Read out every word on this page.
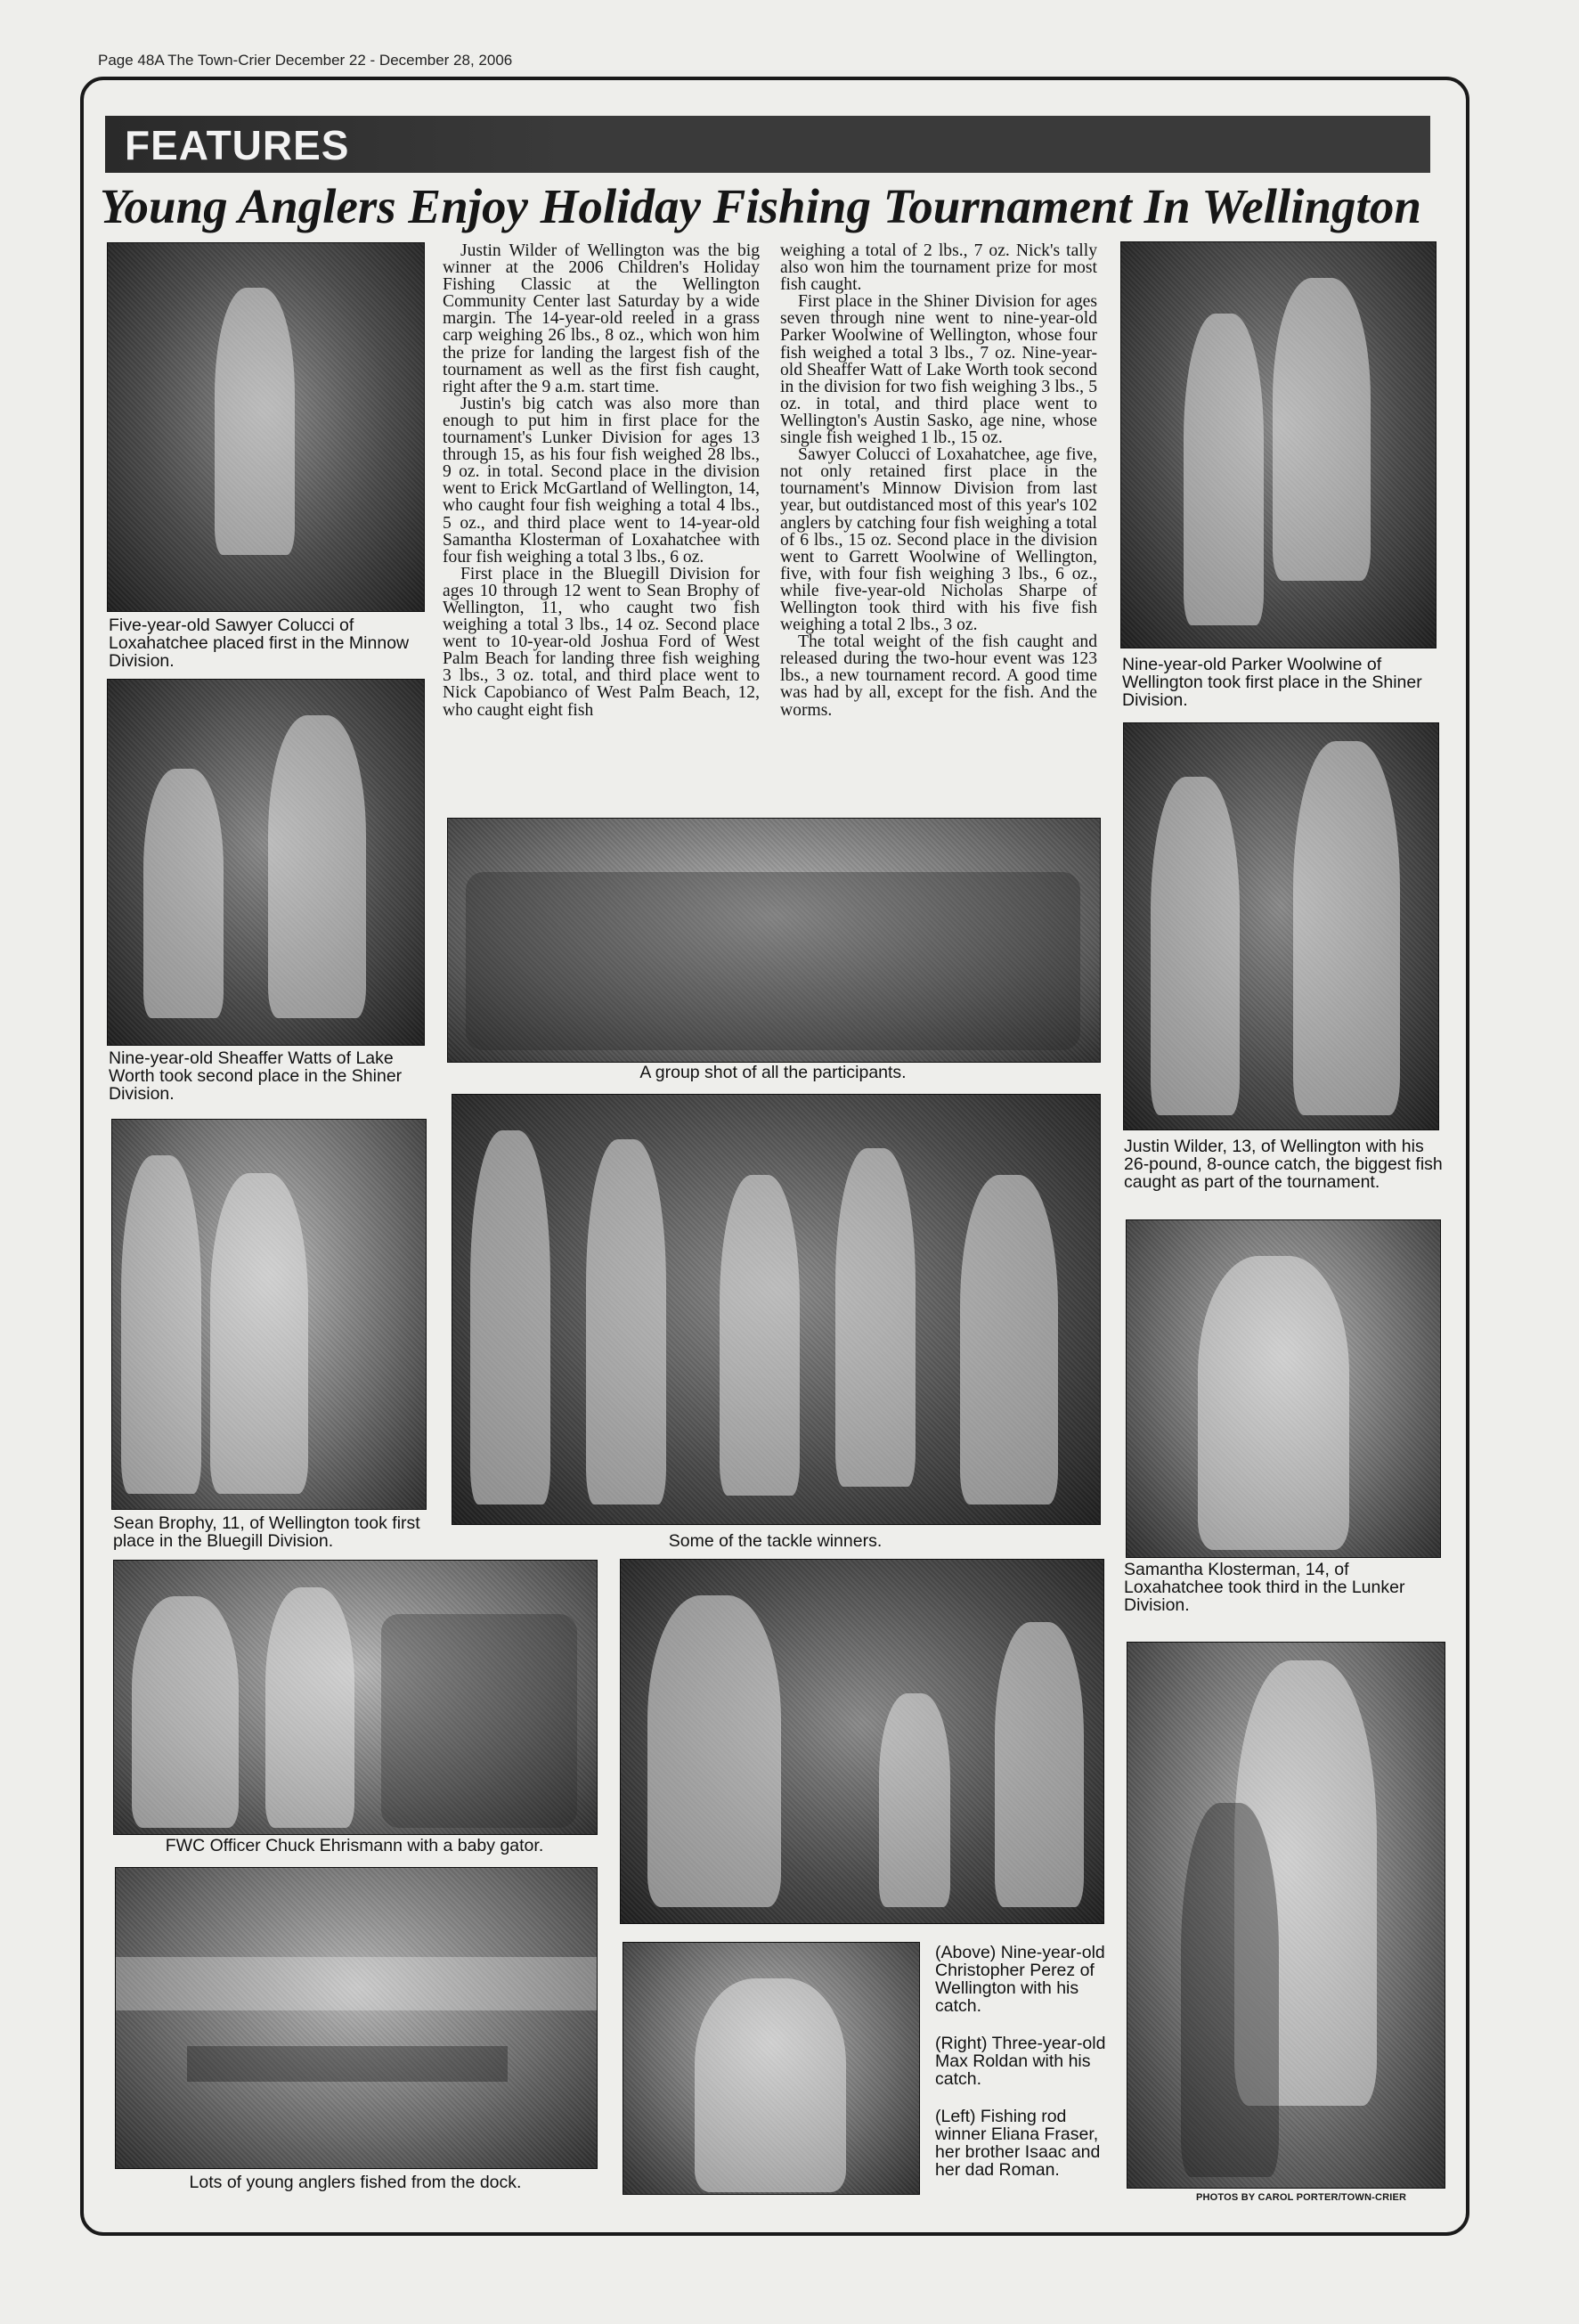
Page 48A The Town-Crier December 22 - December 28, 2006
FEATURES
Young Anglers Enjoy Holiday Fishing Tournament In Wellington
Five-year-old Sawyer Colucci of Loxahatchee placed first in the Minnow Division.
Nine-year-old Sheaffer Watts of Lake Worth took second place in the Shiner Division.
Sean Brophy, 11, of Wellington took first place in the Bluegill Division.

Justin Wilder of Wellington was the big winner at the 2006 Children's Holiday Fishing Classic at the Wellington Community Center last Saturday by a wide margin. The 14-year-old reeled in a grass carp weighing 26 lbs., 8 oz., which won him the prize for landing the largest fish of the tournament as well as the first fish caught, right after the 9 a.m. start time.

Justin's big catch was also more than enough to put him in first place for the tournament's Lunker Division for ages 13 through 15, as his four fish weighed 28 lbs., 9 oz. in total. Second place in the division went to Erick McGartland of Wellington, 14, who caught four fish weighing a total 4 lbs., 5 oz., and third place went to 14-year-old Samantha Klosterman of Loxahatchee with four fish weighing a total 3 lbs., 6 oz.

First place in the Bluegill Division for ages 10 through 12 went to Sean Brophy of Wellington, 11, who caught two fish weighing a total 3 lbs., 14 oz. Second place went to 10-year-old Joshua Ford of West Palm Beach for landing three fish weighing 3 lbs., 3 oz. total, and third place went to Nick Capobianco of West Palm Beach, 12, who caught eight fish

weighing a total of 2 lbs., 7 oz. Nick's tally also won him the tournament prize for most fish caught.

First place in the Shiner Division for ages seven through nine went to nine-year-old Parker Woolwine of Wellington, whose four fish weighed a total 3 lbs., 7 oz. Nine-year-old Sheaffer Watt of Lake Worth took second in the division for two fish weighing 3 lbs., 5 oz. in total, and third place went to Wellington's Austin Sasko, age nine, whose single fish weighed 1 lb., 15 oz.

Sawyer Colucci of Loxahatchee, age five, not only retained first place in the tournament's Minnow Division from last year, but outdistanced most of this year's 102 anglers by catching four fish weighing a total of 6 lbs., 15 oz. Second place in the division went to Garrett Woolwine of Wellington, five, with four fish weighing 3 lbs., 6 oz., while five-year-old Nicholas Sharpe of Wellington took third with his five fish weighing a total 2 lbs., 3 oz.

The total weight of the fish caught and released during the two-hour event was 123 lbs., a new tournament record. A good time was had by all, except for the fish. And the worms.

A group shot of all the participants.
Some of the tackle winners.
Nine-year-old Parker Woolwine of Wellington took first place in the Shiner Division.
Justin Wilder, 13, of Wellington with his 26-pound, 8-ounce catch, the biggest fish caught as part of the tournament.
Samantha Klosterman, 14, of Loxahatchee took third in the Lunker Division.
FWC Officer Chuck Ehrismann with a baby gator.
Lots of young anglers fished from the dock.
(Above) Nine-year-old Christopher Perez of Wellington with his catch.
(Right) Three-year-old Max Roldan with his catch.
(Left) Fishing rod winner Eliana Fraser, her brother Isaac and her dad Roman.
PHOTOS BY CAROL PORTER/TOWN-CRIER
